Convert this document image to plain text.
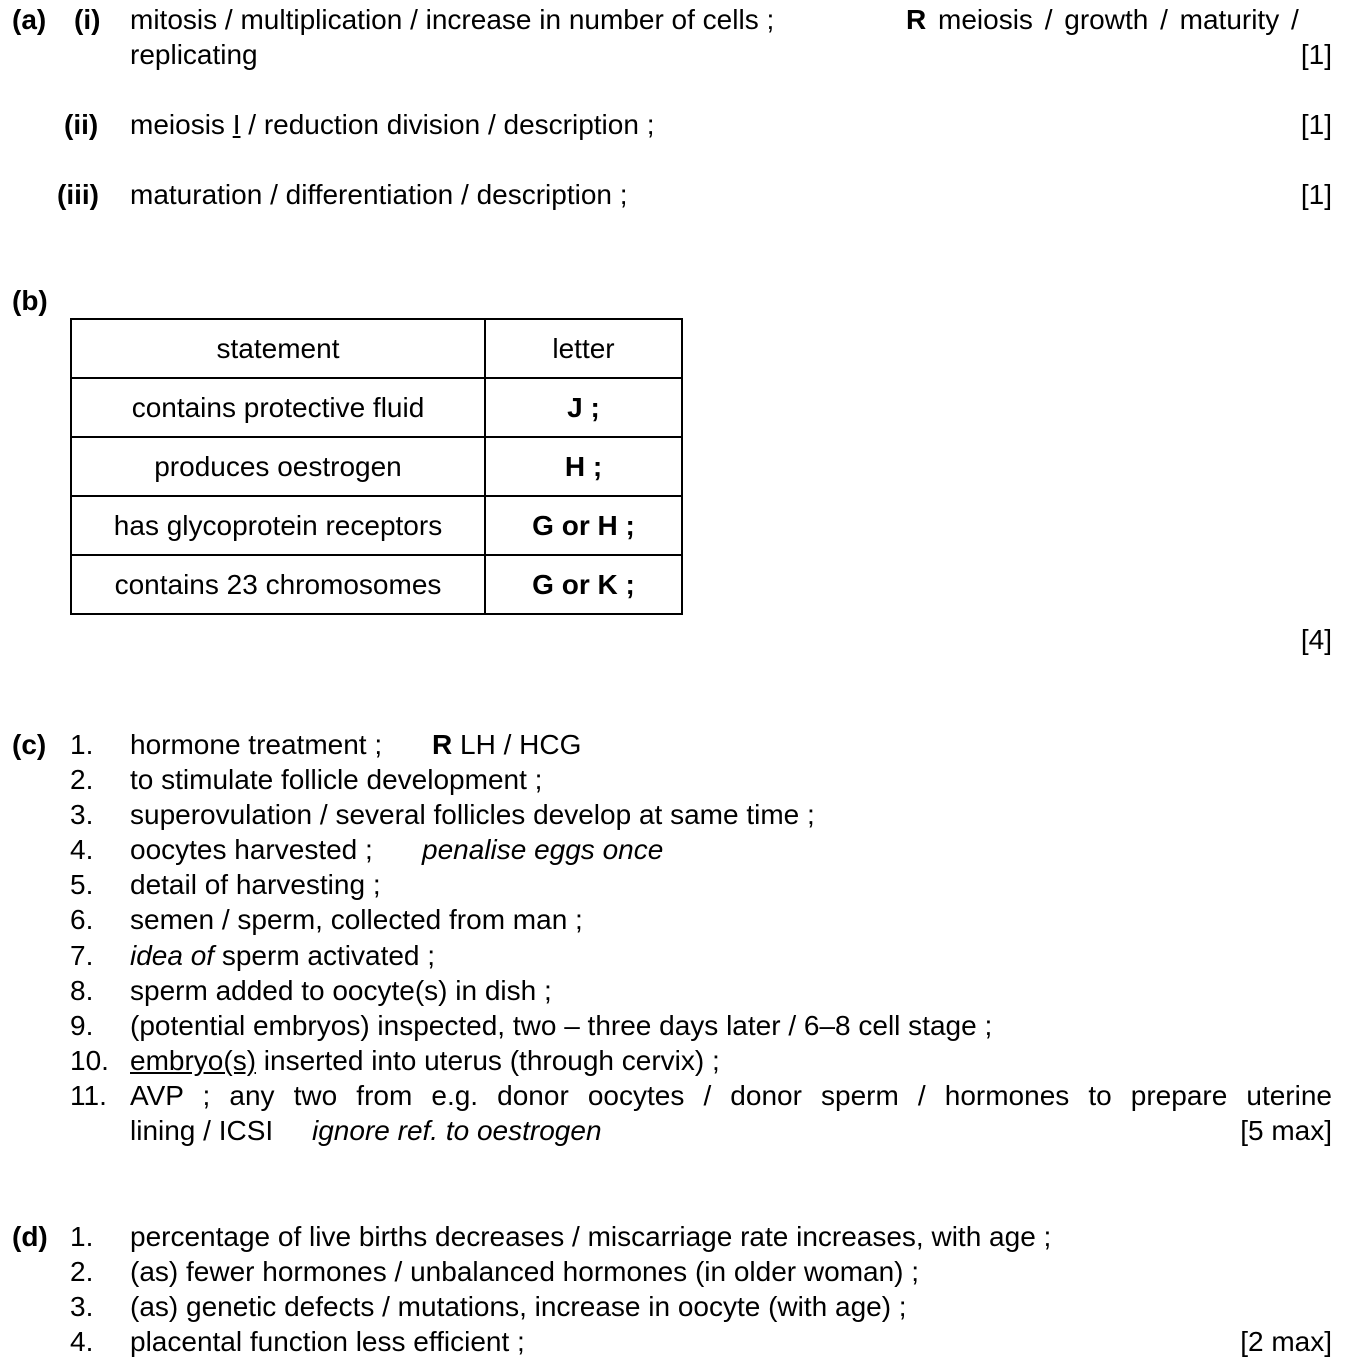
(a) (i) mitosis / multiplication / increase in number of cells ;	R meiosis / growth / maturity /
replicating	[1]
(ii) meiosis I / reduction division / description ;	[1]
(iii) maturation / differentiation / description ;	[1]
(b)
statement	letter
contains protective fluid	J ;
produces oestrogen	H ;
has glycoprotein receptors	G or H ;
contains 23 chromosomes	G or K ;
[4]
(c) 1. hormone treatment ; R LH / HCG
2. to stimulate follicle development ;
3. superovulation / several follicles develop at same time ;
4. oocytes harvested ; penalise eggs once
5. detail of harvesting ;
6. semen / sperm, collected from man ;
7. idea of sperm activated ;
8. sperm added to oocyte(s) in dish ;
9. (potential embryos) inspected, two – three days later / 6–8 cell stage ;
10. embryo(s) inserted into uterus (through cervix) ;
11. AVP ; any two from e.g. donor oocytes / donor sperm / hormones to prepare uterine
lining / ICSI ignore ref. to oestrogen	[5 max]
(d) 1. percentage of live births decreases / miscarriage rate increases, with age ;
2. (as) fewer hormones / unbalanced hormones (in older woman) ;
3. (as) genetic defects / mutations, increase in oocyte (with age) ;
4. placental function less efficient ;	[2 max]
